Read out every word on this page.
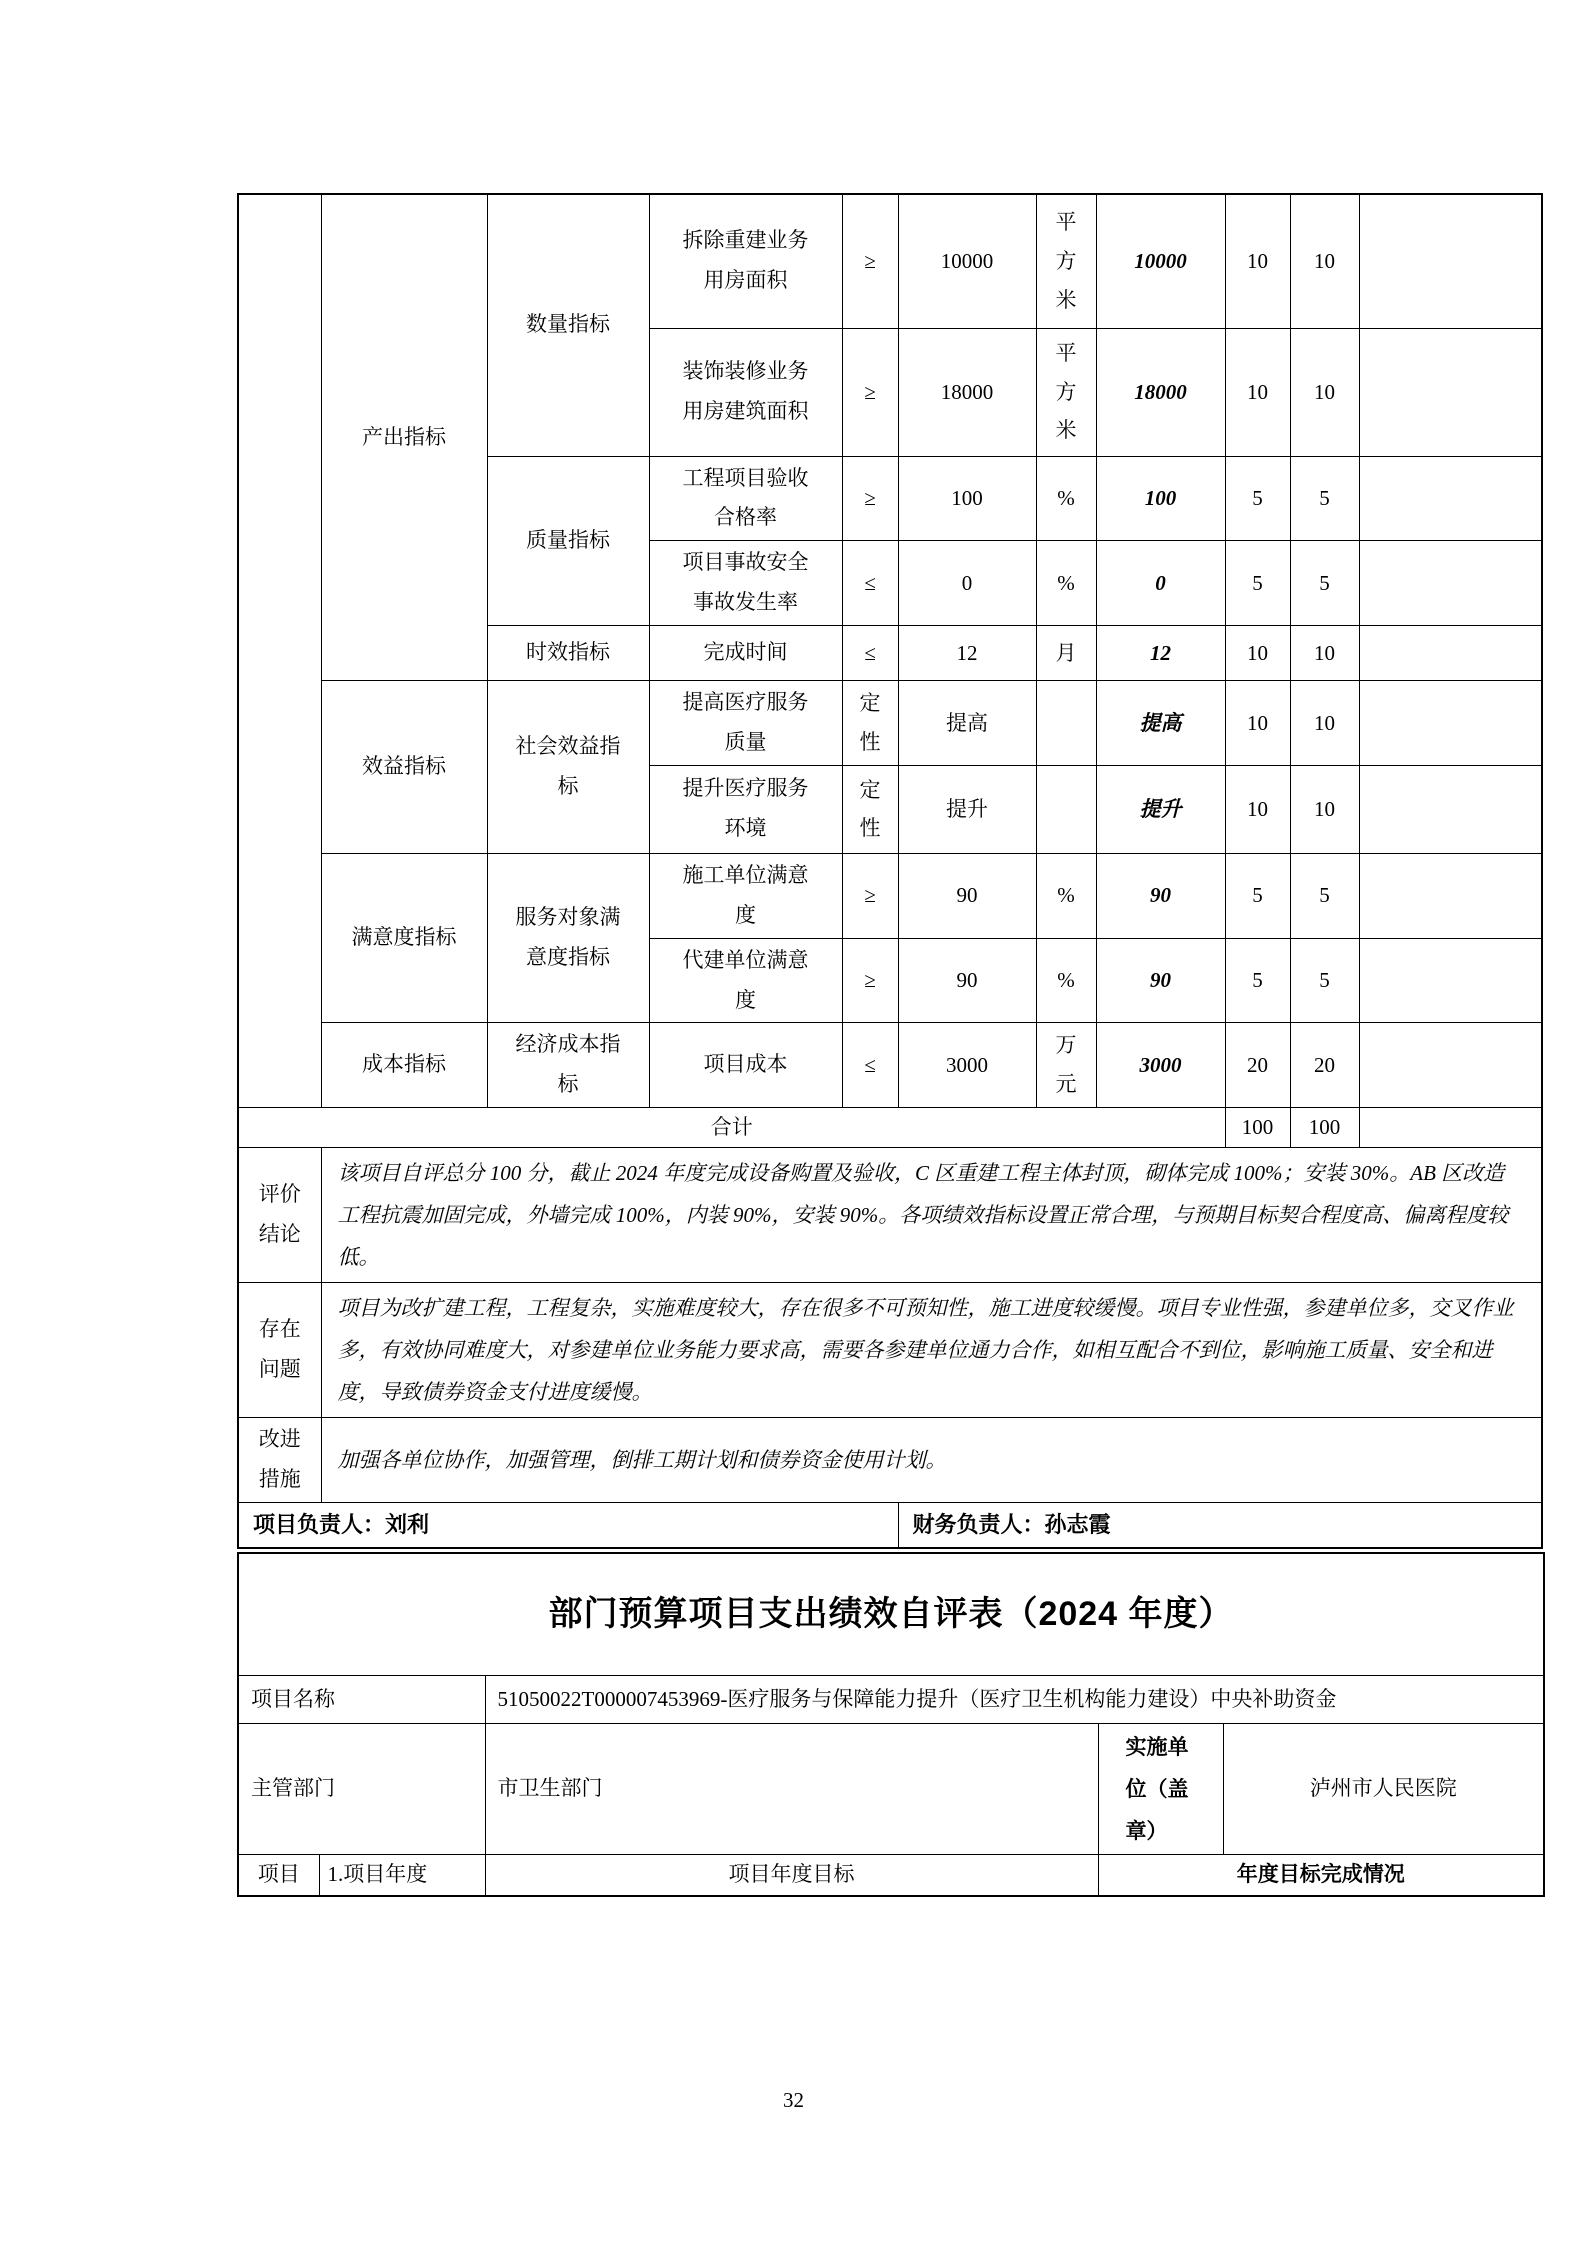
	产出指标	数量指标	拆除重建业务用房面积	≥	10000	平方米	10000	10	10	
			装饰装修业务用房建筑面积	≥	18000	平方米	18000	10	10	
		质量指标	工程项目验收合格率	≥	100	%	100	5	5	
			项目事故安全事故发生率	≤	0	%	0	5	5	
		时效指标	完成时间	≤	12	月	12	10	10	
	效益指标	社会效益指标	提高医疗服务质量	定性	提高		提高	10	10	
			提升医疗服务环境	定性	提升		提升	10	10	
	满意度指标	服务对象满意度指标	施工单位满意度	≥	90	%	90	5	5	
			代建单位满意度	≥	90	%	90	5	5	
	成本指标	经济成本指标	项目成本	≤	3000	万元	3000	20	20	
合计								100	100	
评价结论	该项目自评总分 100 分，截止 2024 年度完成设备购置及验收，C 区重建工程主体封顶，砌体完成 100%；安装 30%。AB 区改造工程抗震加固完成，外墙完成 100%，内装 90%，安装 90%。各项绩效指标设置正常合理，与预期目标契合程度高、偏离程度较低。									
存在问题	项目为改扩建工程，工程复杂，实施难度较大，存在很多不可预知性，施工进度较缓慢。项目专业性强，参建单位多，交叉作业多，有效协同难度大，对参建单位业务能力要求高，需要各参建单位通力合作，如相互配合不到位，影响施工质量、安全和进度，导致债券资金支付进度缓慢。									
改进措施	加强各单位协作，加强管理，倒排工期计划和债券资金使用计划。									
项目负责人：刘利					财务负责人：孙志霞					
部门预算项目支出绩效自评表（2024 年度）				
项目名称		51050022T000007453969-医疗服务与保障能力提升（医疗卫生机构能力建设）中央补助资金		
主管部门		市卫生部门	实施单位（盖章）	泸州市人民医院
项目	1.项目年度	项目年度目标	年度目标完成情况	
32
